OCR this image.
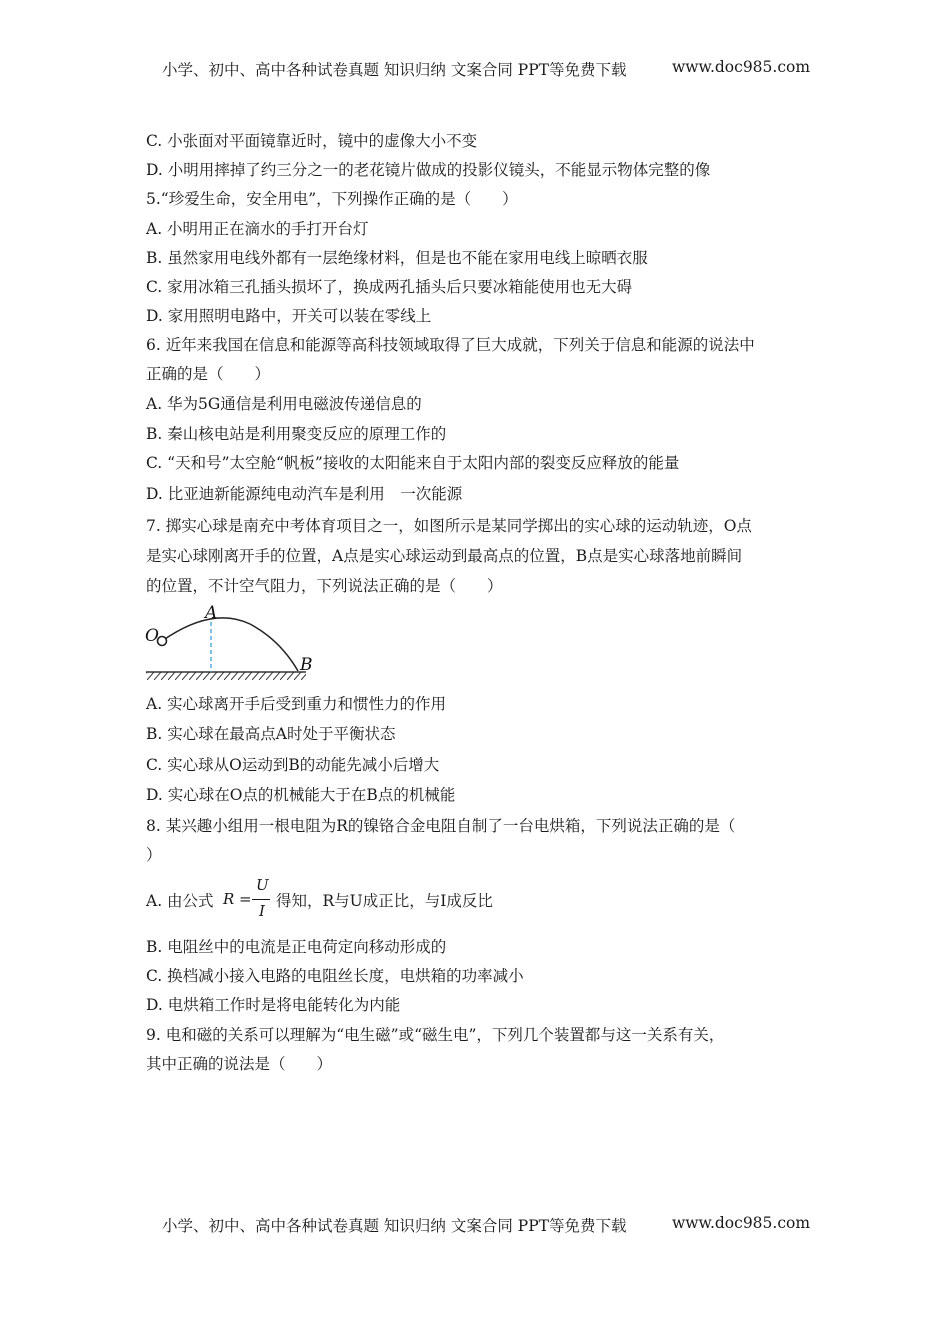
小学、初中、高中各种试卷真题 知识归纳 文案合同 PPT等免费下载	www.doc985.com
C. 小张面对平面镜靠近时，镜中的虚像大小不变
D. 小明用摔掉了约三分之一的老花镜片做成的投影仪镜头，不能显示物体完整的像
5.“珍爱生命，安全用电”，下列操作正确的是（　　）
A. 小明用正在滴水的手打开台灯
B. 虽然家用电线外都有一层绝缘材料，但是也不能在家用电线上晾晒衣服
C. 家用冰箱三孔插头损坏了，换成两孔插头后只要冰箱能使用也无大碍
D. 家用照明电路中，开关可以装在零线上
6. 近年来我国在信息和能源等高科技领域取得了巨大成就，下列关于信息和能源的说法中
正确的是（　　）
A. 华为5G通信是利用电磁波传递信息的
B. 秦山核电站是利用聚变反应的原理工作的
C. “天和号”太空舱“帆板”接收的太阳能来自于太阳内部的裂变反应释放的能量
D. 比亚迪新能源纯电动汽车是利用　一次能源
7. 掷实心球是南充中考体育项目之一，如图所示是某同学掷出的实心球的运动轨迹，O点
是实心球刚离开手的位置，A点是实心球运动到最高点的位置，B点是实心球落地前瞬间
的位置，不计空气阻力，下列说法正确的是（　　）
O
A
B
A. 实心球离开手后受到重力和惯性力的作用
B. 实心球在最高点A时处于平衡状态
C. 实心球从O运动到B的动能先减小后增大
D. 实心球在O点的机械能大于在B点的机械能
8. 某兴趣小组用一根电阻为R的镍铬合金电阻自制了一台电烘箱，下列说法正确的是（
）
A. 由公式 R =
U
I
得知，R与U成正比，与I成反比
B. 电阻丝中的电流是正电荷定向移动形成的
C. 换档减小接入电路的电阻丝长度，电烘箱的功率减小
D. 电烘箱工作时是将电能转化为内能
9. 电和磁的关系可以理解为“电生磁”或“磁生电”，下列几个装置都与这一关系有关，
其中正确的说法是（　　）
小学、初中、高中各种试卷真题 知识归纳 文案合同 PPT等免费下载	www.doc985.com
